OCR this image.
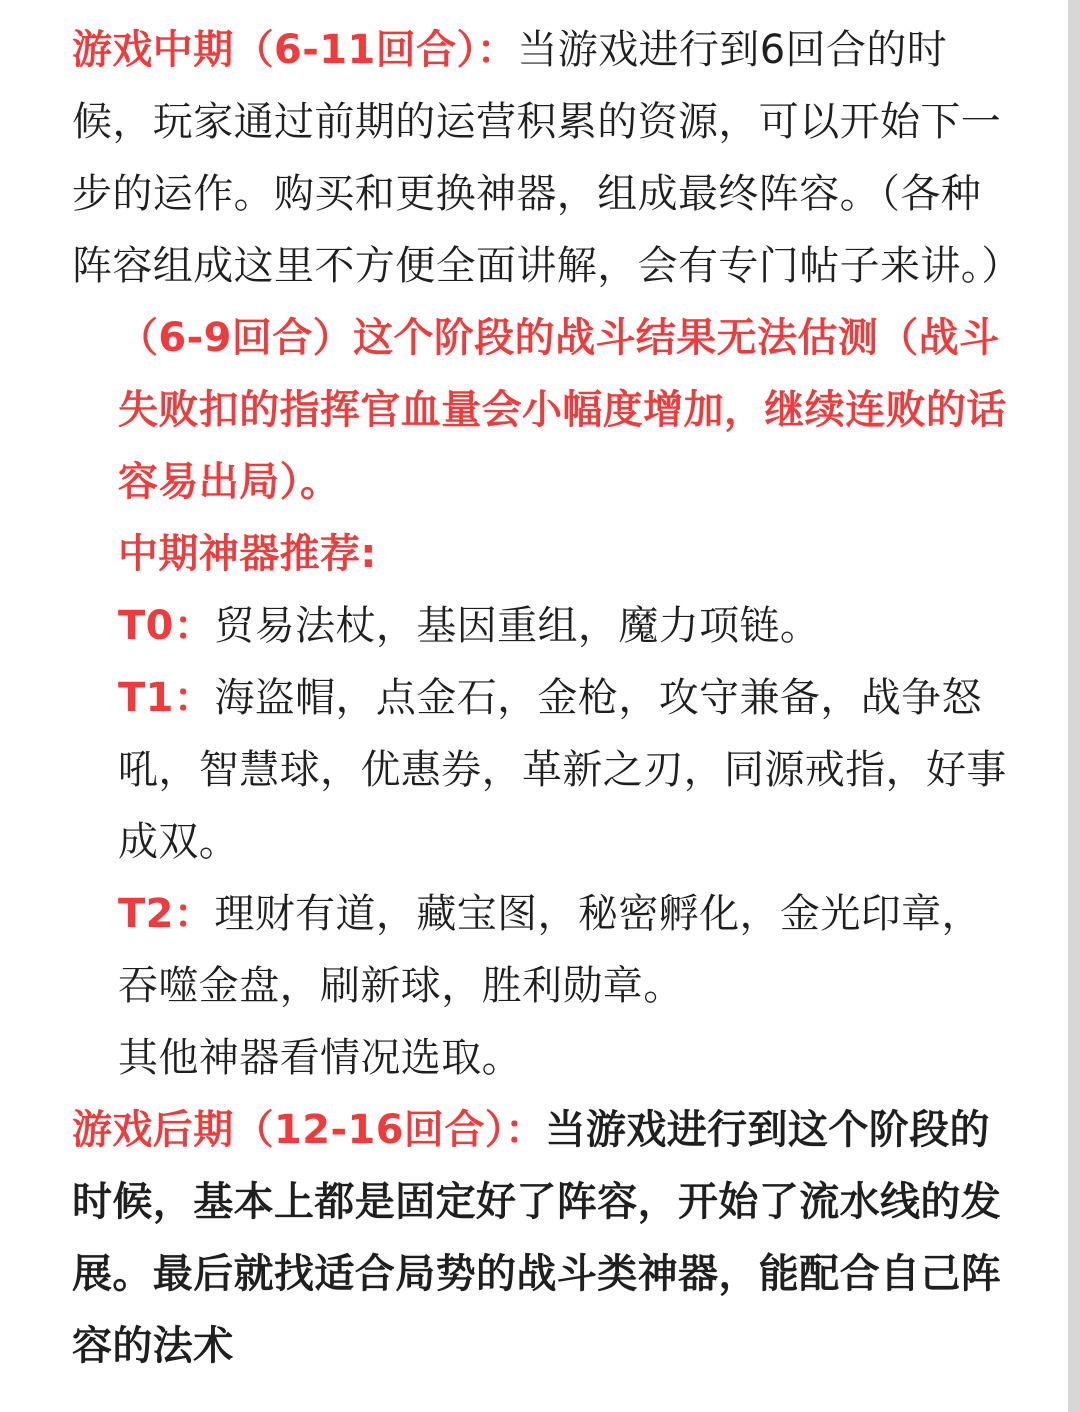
游戏中期（6-11回合）：当游戏进行到6回合的时候，玩家通过前期的运营积累的资源，可以开始下一步的运作。购买和更换神器，组成最终阵容。（各种阵容组成这里不方便全面讲解，会有专门帖子来讲。）

（6-9回合）这个阶段的战斗结果无法估测（战斗失败扣的指挥官血量会小幅度增加，继续连败的话容易出局）。

中期神器推荐:

T0：贸易法杖，基因重组，魔力项链。

T1：海盗帽，点金石，金枪，攻守兼备，战争怒吼，智慧球，优惠券，革新之刃，同源戒指，好事成双。

T2：理财有道，藏宝图，秘密孵化，金光印章，吞噬金盘，刷新球，胜利勋章。

其他神器看情况选取。

游戏后期（12-16回合）：当游戏进行到这个阶段的时候，基本上都是固定好了阵容，开始了流水线的发展。最后就找适合局势的战斗类神器，能配合自己阵容的法术
